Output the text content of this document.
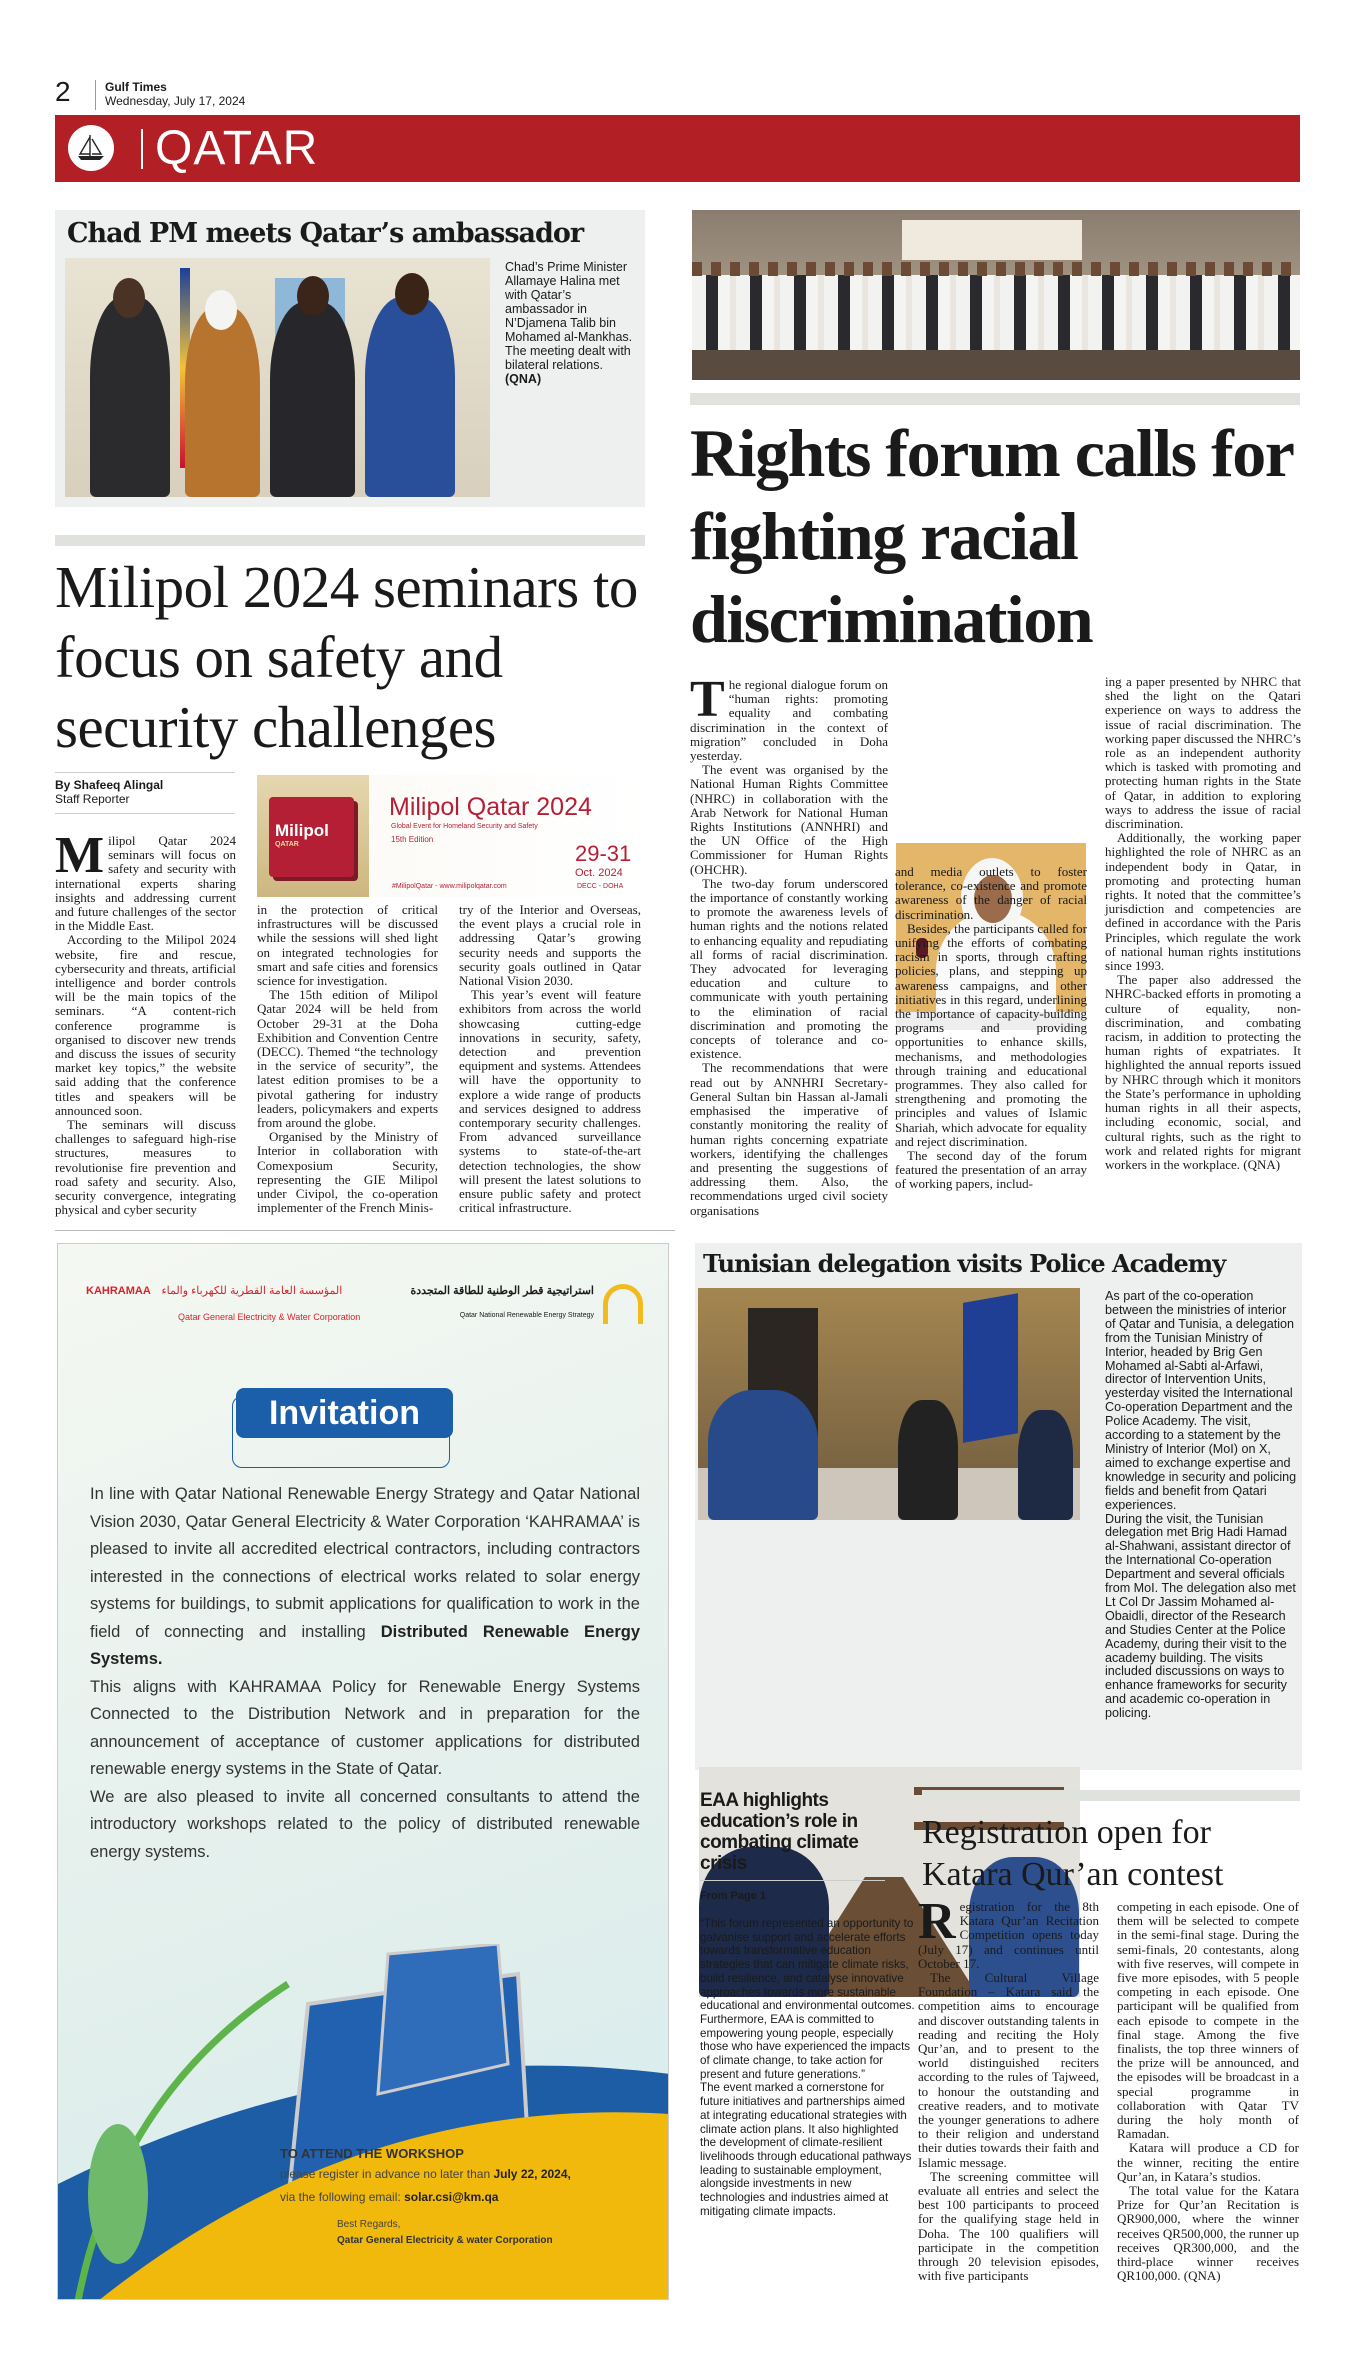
2	Gulf Times
Wednesday, July 17, 2024
QATAR
Chad PM meets Qatar’s ambassador
Chad’s Prime Minister Allamaye Halina met with Qatar’s ambassador in N’Djamena Talib bin Mohamed al-Mankhas. The meeting dealt with bilateral relations. (QNA)
Rights forum calls for fighting racial discrimination
Milipol 2024 seminars to focus on safety and security challenges
By Shafeeq Alingal
Staff Reporter
Milipol
QATAR
Milipol Qatar 2024
Global Event for Homeland Security and Safety
15th Edition
29-31
Oct. 2024
DECC - DOHA
#MilipolQatar - www.milipolqatar.com

Milipol Qatar 2024 seminars will focus on safety and security with international experts sharing insights and addressing current and future challenges of the sector in the Middle East.

According to the Milipol 2024 website, fire and rescue, cybersecurity and threats, artificial intelligence and border controls will be the main topics of the seminars. “A content-rich conference programme is organised to discover new trends and discuss the issues of security market key topics,” the website said adding that the conference titles and speakers will be announced soon.

The seminars will discuss challenges to safeguard high-rise structures, measures to revolutionise fire prevention and road safety and security. Also, security convergence, integrating physical and cyber security

in the protection of critical infrastructures will be discussed while the sessions will shed light on integrated technologies for smart and safe cities and forensics science for investigation.

The 15th edition of Milipol Qatar 2024 will be held from October 29-31 at the Doha Exhibition and Convention Centre (DECC). Themed “the technology in the service of security”, the latest edition promises to be a pivotal gathering for industry leaders, policymakers and experts from around the globe.

Organised by the Ministry of Interior in collaboration with Comexposium Security, representing the GIE Milipol under Civipol, the co-operation implementer of the French Minis-

try of the Interior and Overseas, the event plays a crucial role in addressing Qatar’s growing security needs and supports the security goals outlined in Qatar National Vision 2030.

This year’s event will feature exhibitors from across the world showcasing cutting-edge innovations in security, safety, detection and prevention equipment and systems. Attendees will have the opportunity to explore a wide range of products and services designed to address contemporary security challenges. From advanced surveillance systems to state-of-the-art detection technologies, the show will present the latest solutions to ensure public safety and protect critical infrastructure.

The regional dialogue forum on “human rights: promoting equality and combating discrimination in the context of migration” concluded in Doha yesterday.

The event was organised by the National Human Rights Committee (NHRC) in collaboration with the Arab Network for National Human Rights Institutions (ANNHRI) and the UN Office of the High Commissioner for Human Rights (OHCHR).

The two-day forum underscored the importance of constantly working to promote the awareness levels of human rights and the notions related to enhancing equality and repudiating all forms of racial discrimination. They advocated for leveraging education and culture to communicate with youth pertaining to the elimination of racial discrimination and promoting the concepts of tolerance and co-existence.

The recommendations that were read out by ANNHRI Secretary-General Sultan bin Hassan al-Jamali emphasised the imperative of constantly monitoring the reality of human rights concerning expatriate workers, identifying the challenges and presenting the suggestions of addressing them. Also, the recommendations urged civil society organisations

and media outlets to foster tolerance, co-existence and promote awareness of the danger of racial discrimination.

Besides, the participants called for unifying the efforts of combating racism in sports, through crafting policies, plans, and stepping up awareness campaigns, and other initiatives in this regard, underlining the importance of capacity-building programs and providing opportunities to enhance skills, mechanisms, and methodologies through training and educational programmes. They also called for strengthening and promoting the principles and values of Islamic Shariah, which advocate for equality and reject discrimination.

The second day of the forum featured the presentation of an array of working papers, includ-

ing a paper presented by NHRC that shed the light on the Qatari experience on ways to address the issue of racial discrimination. The working paper discussed the NHRC’s role as an independent authority which is tasked with promoting and protecting human rights in the State of Qatar, in addition to exploring ways to address the issue of racial discrimination.

Additionally, the working paper highlighted the role of NHRC as an independent body in Qatar, in promoting and protecting human rights. It noted that the committee’s jurisdiction and competencies are defined in accordance with the Paris Principles, which regulate the work of national human rights institutions since 1993.

The paper also addressed the NHRC-backed efforts in promoting a culture of equality, non-discrimination, and combating racism, in addition to protecting the human rights of expatriates. It highlighted the annual reports issued by NHRC through which it monitors the State’s performance in upholding human rights in all their aspects, including economic, social, and cultural rights, such as the right to work and related rights for migrant workers in the workplace. (QNA)

KAHRAMAA المؤسسة العامة القطرية للكهرباء والماء
Qatar General Electricity & Water Corporation
استراتيجية قطر الوطنية للطاقة المتجددة
Qatar National Renewable Energy Strategy
Invitation

In line with Qatar National Renewable Energy Strategy and Qatar National Vision 2030, Qatar General Electricity & Water Corporation ‘KAHRAMAA’ is pleased to invite all accredited electrical contractors, including contractors interested in the connections of electrical works related to solar energy systems for buildings, to submit applications for qualification to work in the field of connecting and installing Distributed Renewable Energy Systems.

This aligns with KAHRAMAA Policy for Renewable Energy Systems Connected to the Distribution Network and in preparation for the announcement of acceptance of customer applications for distributed renewable energy systems in the State of Qatar.

We are also pleased to invite all concerned consultants to attend the introductory workshops related to the policy of distributed renewable energy systems.

TO ATTEND THE WORKSHOP
please register in advance no later than July 22, 2024,
via the following email: solar.csi@km.qa
Best Regards,
Qatar General Electricity & water Corporation
Tunisian delegation visits Police Academy

As part of the co-operation between the ministries of interior of Qatar and Tunisia, a delegation from the Tunisian Ministry of Interior, headed by Brig Gen Mohamed al-Sabti al-Arfawi, director of Intervention Units, yesterday visited the International Co-operation Department and the Police Academy. The visit, according to a statement by the Ministry of Interior (MoI) on X, aimed to exchange expertise and knowledge in security and policing fields and benefit from Qatari experiences.

During the visit, the Tunisian delegation met Brig Hadi Hamad al-Shahwani, assistant director of the International Co-operation Department and several officials from MoI. The delegation also met Lt Col Dr Jassim Mohamed al-Obaidli, director of the Research and Studies Center at the Police Academy, during their visit to the academy building. The visits included discussions on ways to enhance frameworks for security and academic co-operation in policing.

EAA highlights education’s role in combating climate crisis
From Page 1

“This forum represented an opportunity to galvanise support and accelerate efforts towards transformative education strategies that can mitigate climate risks, build resilience, and catalyse innovative approaches towards more sustainable educational and environmental outcomes. Furthermore, EAA is committed to empowering young people, especially those who have experienced the impacts of climate change, to take action for present and future generations.”

The event marked a cornerstone for future initiatives and partnerships aimed at integrating educational strategies with climate action plans. It also highlighted the development of climate-resilient livelihoods through educational pathways leading to sustainable employment, alongside investments in new technologies and industries aimed at mitigating climate impacts.

Registration open for Katara Qur’an contest

Registration for the 8th Katara Qur’an Recitation Competition opens today (July 17) and continues until October 17.

The Cultural Village Foundation – Katara said the competition aims to encourage and discover outstanding talents in reading and reciting the Holy Qur’an, and to present to the world distinguished reciters according to the rules of Tajweed, to honour the outstanding and creative readers, and to motivate the younger generations to adhere to their religion and understand their duties towards their faith and Islamic message.

The screening committee will evaluate all entries and select the best 100 participants to proceed for the qualifying stage held in Doha. The 100 qualifiers will participate in the competition through 20 television episodes, with five participants

competing in each episode. One of them will be selected to compete in the semi-final stage. During the semi-finals, 20 contestants, along with five reserves, will compete in five more episodes, with 5 people competing in each episode. One participant will be qualified from each episode to compete in the final stage. Among the five finalists, the top three winners of the prize will be announced, and the episodes will be broadcast in a special programme in collaboration with Qatar TV during the holy month of Ramadan.

Katara will produce a CD for the winner, reciting the entire Qur’an, in Katara’s studios.

The total value for the Katara Prize for Qur’an Recitation is QR900,000, where the winner receives QR500,000, the runner up receives QR300,000, and the third-place winner receives QR100,000. (QNA)
